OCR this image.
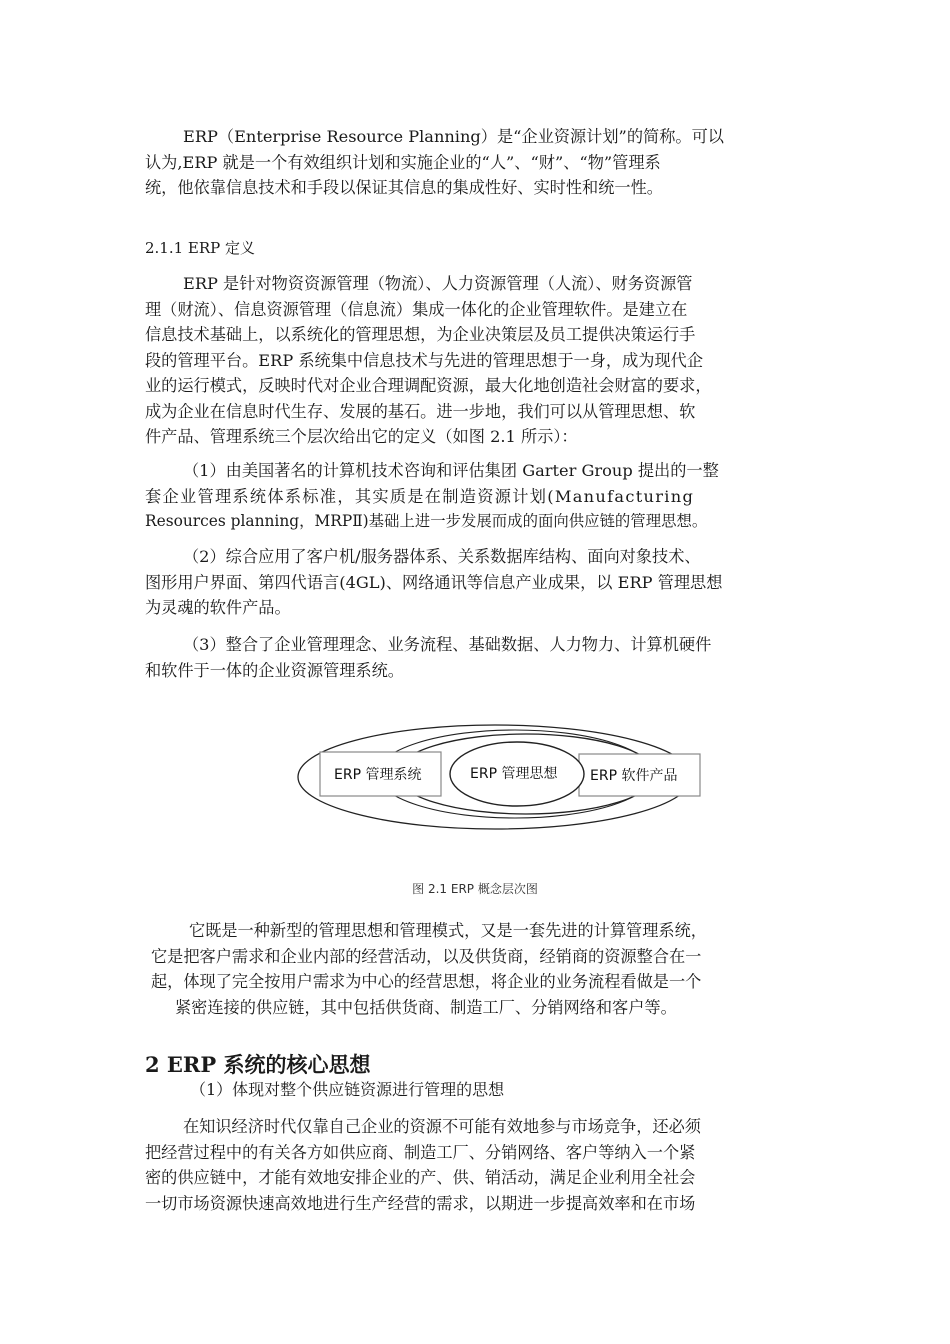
ERP（Enterprise Resource Planning）是“企业资源计划”的简称。可以
认为,ERP 就是一个有效组织计划和实施企业的“人”、“财”、“物”管理系
统，他依靠信息技术和手段以保证其信息的集成性好、实时性和统一性。

2.1.1 ERP 定义

ERP 是针对物资资源管理（物流）、人力资源管理（人流）、财务资源管
理（财流）、信息资源管理（信息流）集成一体化的企业管理软件。是建立在
信息技术基础上，以系统化的管理思想，为企业决策层及员工提供决策运行手
段的管理平台。ERP 系统集中信息技术与先进的管理思想于一身，成为现代企
业的运行模式，反映时代对企业合理调配资源，最大化地创造社会财富的要求，
成为企业在信息时代生存、发展的基石。进一步地，我们可以从管理思想、软
件产品、管理系统三个层次给出它的定义（如图 2.1 所示）：

（1）由美国著名的计算机技术咨询和评估集团 Garter Group 提出的一整
套企业管理系统体系标准，其实质是在制造资源计划(Manufacturing
Resources planning，MRPⅡ)基础上进一步发展而成的面向供应链的管理思想。

（2）综合应用了客户机/服务器体系、关系数据库结构、面向对象技术、
图形用户界面、第四代语言(4GL)、网络通讯等信息产业成果，以 ERP 管理思想
为灵魂的软件产品。

（3）整合了企业管理理念、业务流程、基础数据、人力物力、计算机硬件
和软件于一体的企业资源管理系统。

ERP 管理系统	ERP 软件产品
ERP 管理思想

图 2.1 ERP 概念层次图

它既是一种新型的管理思想和管理模式，又是一套先进的计算管理系统，
它是把客户需求和企业内部的经营活动，以及供货商，经销商的资源整合在一
起，体现了完全按用户需求为中心的经营思想，将企业的业务流程看做是一个
紧密连接的供应链，其中包括供货商、制造工厂、分销网络和客户等。

2 ERP 系统的核心思想

（1）体现对整个供应链资源进行管理的思想

在知识经济时代仅靠自己企业的资源不可能有效地参与市场竞争，还必须
把经营过程中的有关各方如供应商、制造工厂、分销网络、客户等纳入一个紧
密的供应链中，才能有效地安排企业的产、供、销活动，满足企业利用全社会
一切市场资源快速高效地进行生产经营的需求，以期进一步提高效率和在市场
